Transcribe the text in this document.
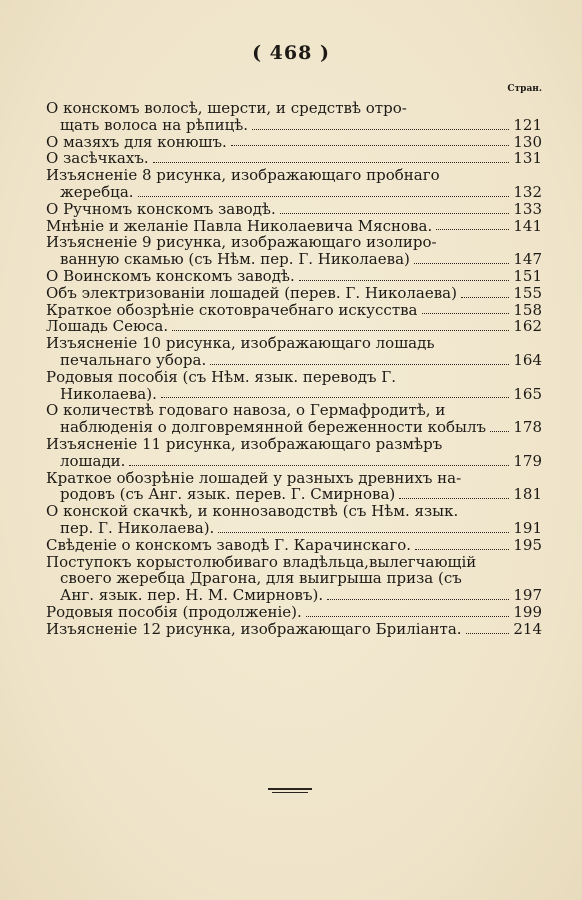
( 468 )
Стран.
О конскомъ волосѣ, шерсти, и средствѣ отро-
щать волоса на рѣпицѣ.	121
О мазяхъ для конюшъ.	130
О засѣчкахъ.	131
Изъясненіе 8 рисунка, изображающаго пробнаго
жеребца.	132
О Ручномъ конскомъ заводѣ.	133
Мнѣніе и желаніе Павла Николаевича Мяснова.	141
Изъясненіе 9 рисунка, изображающаго изолиро-
ванную скамью (съ Нѣм. пер. Г. Николаева)	147
О Воинскомъ конскомъ заводѣ.	151
Объ электризованіи лошадей (перев. Г. Николаева)	155
Краткое обозрѣніе скотоврачебнаго искусства	158
Лошадь Сеюса.	162
Изъясненіе 10 рисунка, изображающаго лошадь
печальнаго убора.	164
Родовыя пособія (съ Нѣм. язык. переводъ Г.
Николаева).	165
О количествѣ годоваго навоза, о Гермафродитѣ, и
наблюденія о долговремянной береженности кобылъ 178
Изъясненіе 11 рисунка, изображающаго размѣръ
лошади.	179
Краткое обозрѣніе лошадей у разныхъ древнихъ на-
родовъ (съ Анг. язык. перев. Г. Смирнова)	181
О конской скачкѣ, и коннозаводствѣ (съ Нѣм. язык.
пер. Г. Николаева).	191
Свѣденіе о конскомъ заводѣ Г. Карачинскаго.	195
Поступокъ корыстолюбиваго владѣльца,вылегчающій
своего жеребца Драгона, для выигрыша приза (съ
Анг. язык. пер. Н. М. Смирновъ).	197
Родовыя пособія (продолженіе).	199
Изъясненіе 12 рисунка, изображающаго Бриліанта.	214
